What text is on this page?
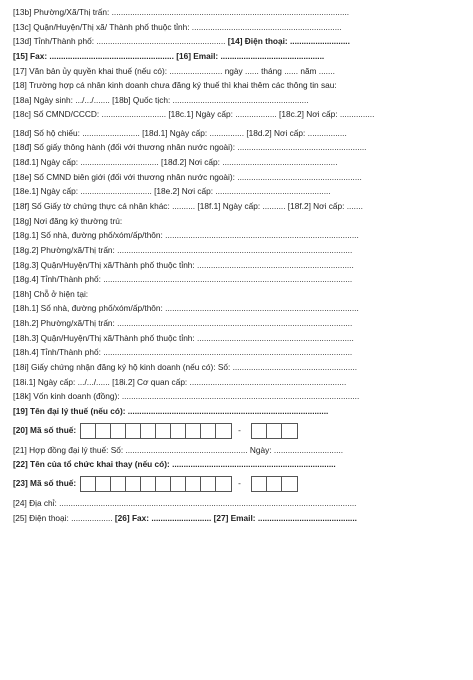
[13b] Phường/Xã/Thị trấn: .......................................................................................................
[13c] Quận/Huyện/Thị xã/ Thành phố thuộc tỉnh: .................................................................
[13d] Tỉnh/Thành phố: ........................................................ [14] Điện thoại: ..........................
[15] Fax: ...................................................... [16] Email: .............................................
[17] Văn bản ủy quyền khai thuế (nếu có): ....................... ngày ...... tháng ...... năm .......
[18] Trường hợp cá nhân kinh doanh chưa đăng ký thuế thì khai thêm các thông tin sau:
[18a] Ngày sinh: .../.../....... [18b] Quốc tịch: ...........................................................
[18c] Số CMND/CCCD: ............................ [18c.1] Ngày cấp: .................. [18c.2] Nơi cấp: ...............
[18d] Số hộ chiếu: ......................... [18d.1] Ngày cấp: ............... [18d.2] Nơi cấp: .................
[18đ] Số giấy thông hành (đối với thương nhân nước ngoài): ........................................................
[18đ.1] Ngày cấp: .................................. [18đ.2] Nơi cấp: ..................................................
[18e] Số CMND biên giới (đối với thương nhân nước ngoài): ......................................................
[18e.1] Ngày cấp: ............................... [18e.2] Nơi cấp: ..................................................
[18f] Số Giấy tờ chứng thực cá nhân khác: .......... [18f.1] Ngày cấp: .......... [18f.2] Nơi cấp: .......
[18g] Nơi đăng ký thường trú:
[18g.1] Số nhà, đường phố/xóm/ấp/thôn: ....................................................................................
[18g.2] Phường/xã/Thị trấn: ......................................................................................................
[18g.3] Quận/Huyện/Thị xã/Thành phố thuộc tỉnh: ....................................................................
[18g.4] Tỉnh/Thành phố: ............................................................................................................
[18h] Chỗ ở hiện tại:
[18h.1] Số nhà, đường phố/xóm/ấp/thôn: ....................................................................................
[18h.2] Phường/xã/Thị trấn: ......................................................................................................
[18h.3] Quận/Huyện/Thị xã/Thành phố thuộc tỉnh: ....................................................................
[18h.4] Tỉnh/Thành phố: ............................................................................................................
[18i] Giấy chứng nhận đăng ký hộ kinh doanh (nếu có): Số: ......................................................
[18i.1] Ngày cấp: .../.../...... [18i.2] Cơ quan cấp: ....................................................................
[18k] Vốn kinh doanh (đồng): .......................................................................................................
[19] Tên đại lý thuế (nếu có): .......................................................................................
[20] Mã số thuế:	-
[21] Hợp đồng đại lý thuế: Số: ..................................................... Ngày: ..............................
[22] Tên của tổ chức khai thay (nếu có): .......................................................................
[23] Mã số thuế:	-
[24] Địa chỉ: .................................................................................................................................
[25] Điện thoại: .................. [26] Fax: .......................... [27] Email: ...........................................
